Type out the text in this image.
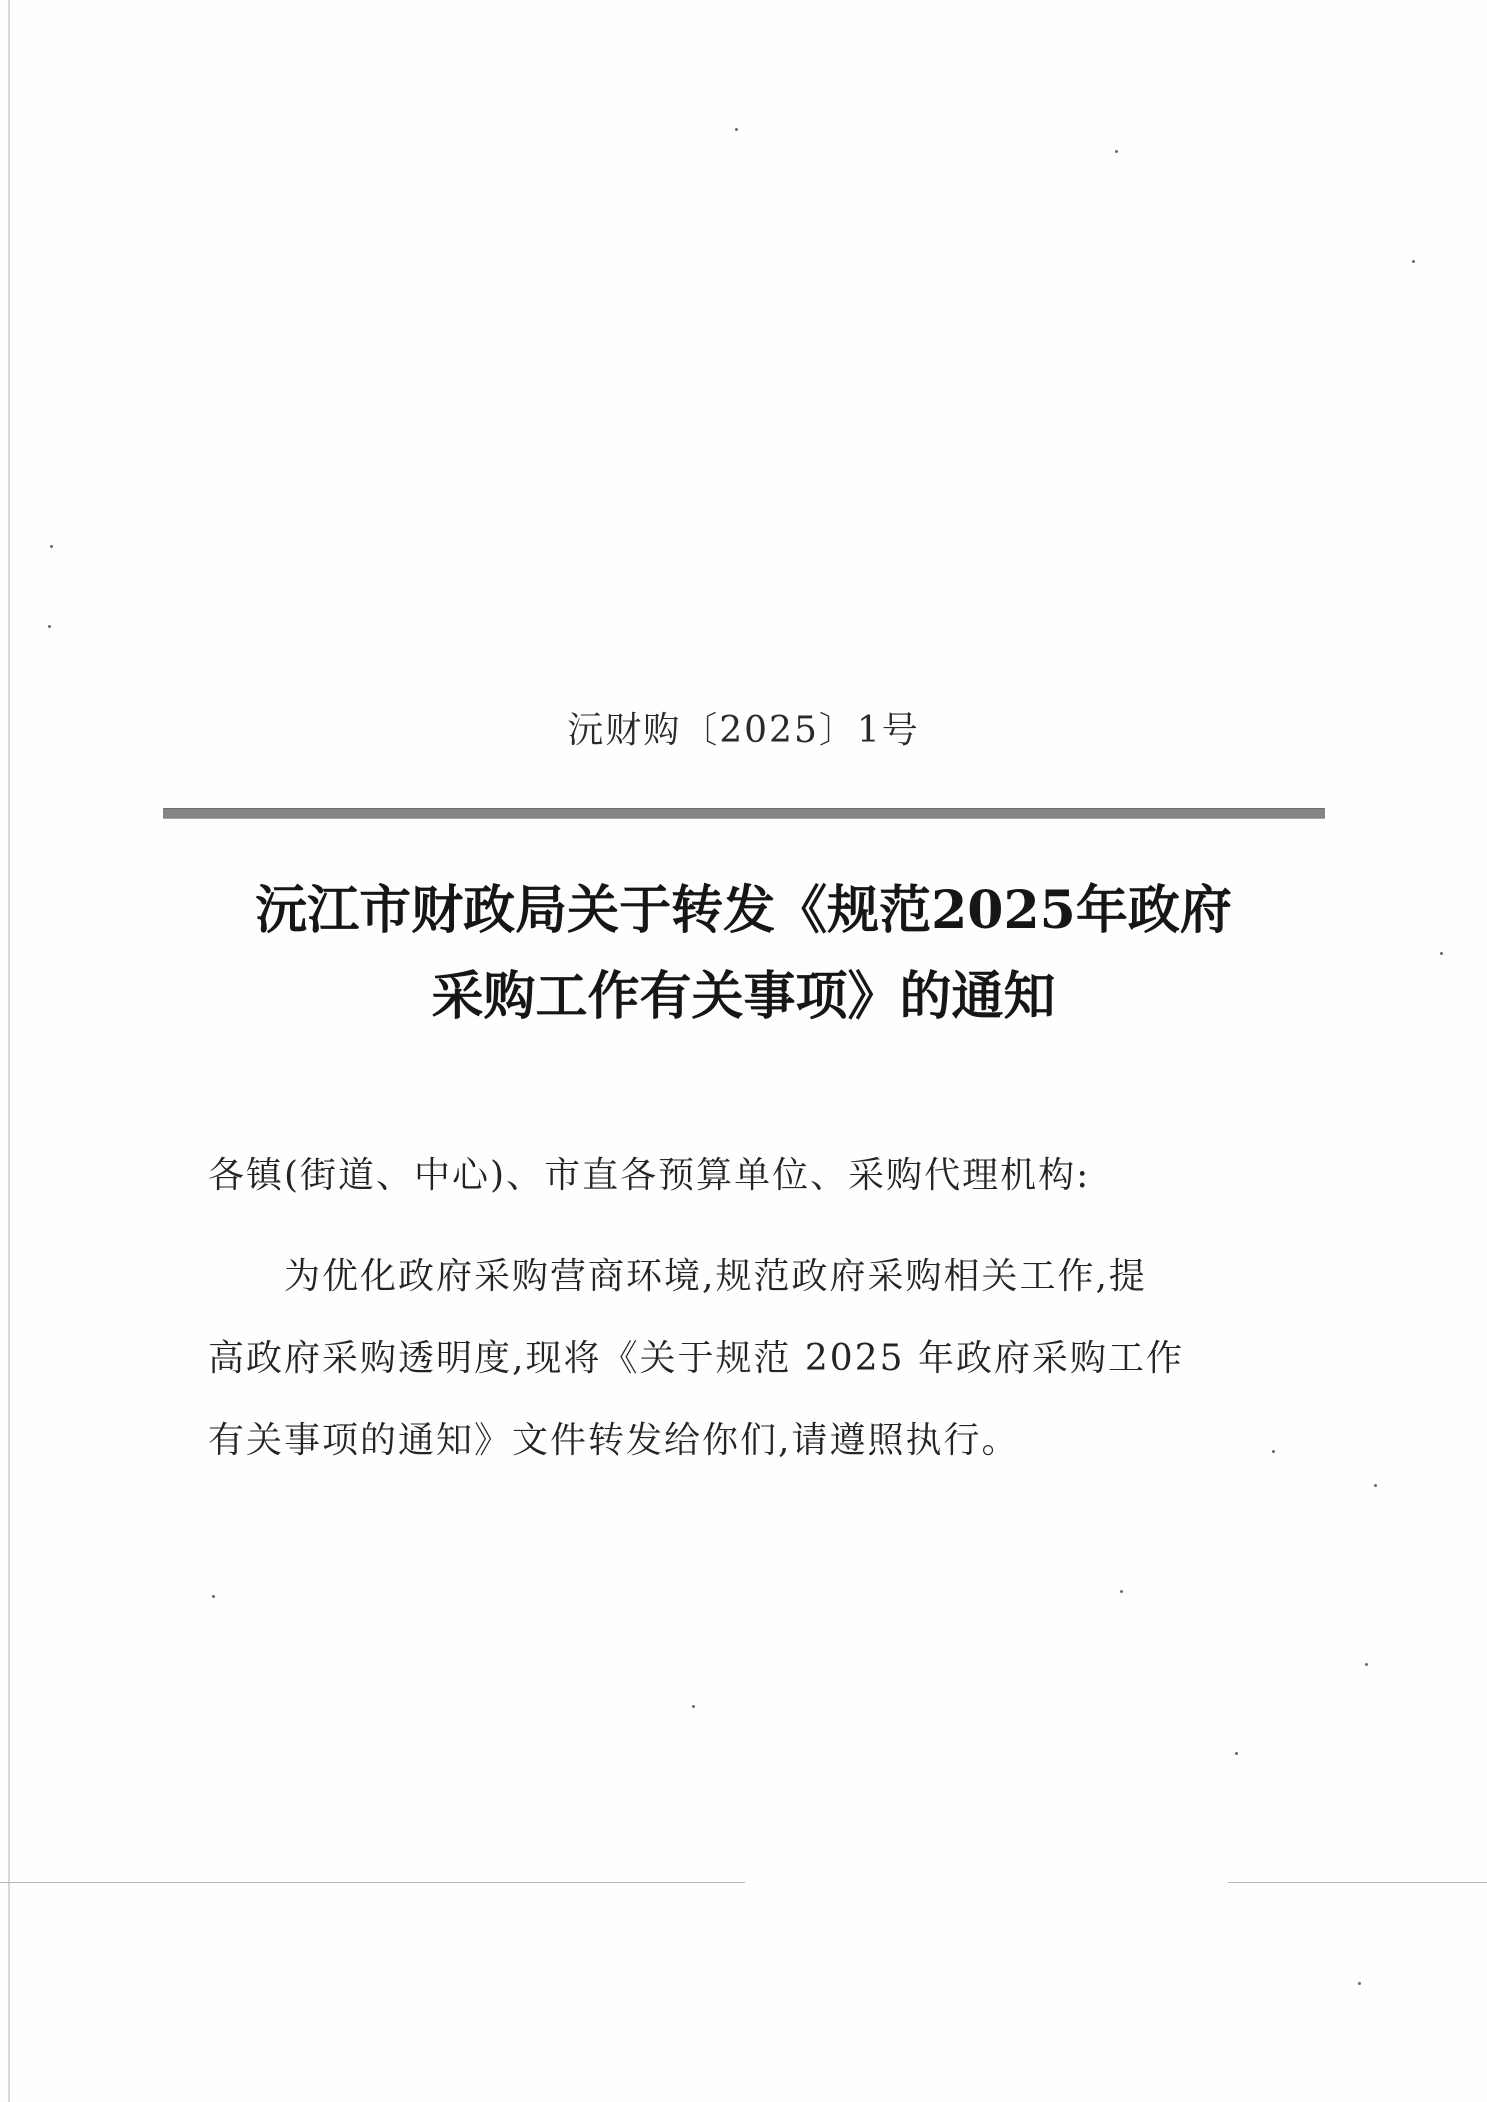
沅财购〔2025〕1号
沅江市财政局关于转发《规范2025年政府
采购工作有关事项》的通知
各镇(街道、中心)、市直各预算单位、采购代理机构:
为优化政府采购营商环境,规范政府采购相关工作,提
高政府采购透明度,现将《关于规范 2025 年政府采购工作
有关事项的通知》文件转发给你们,请遵照执行。
